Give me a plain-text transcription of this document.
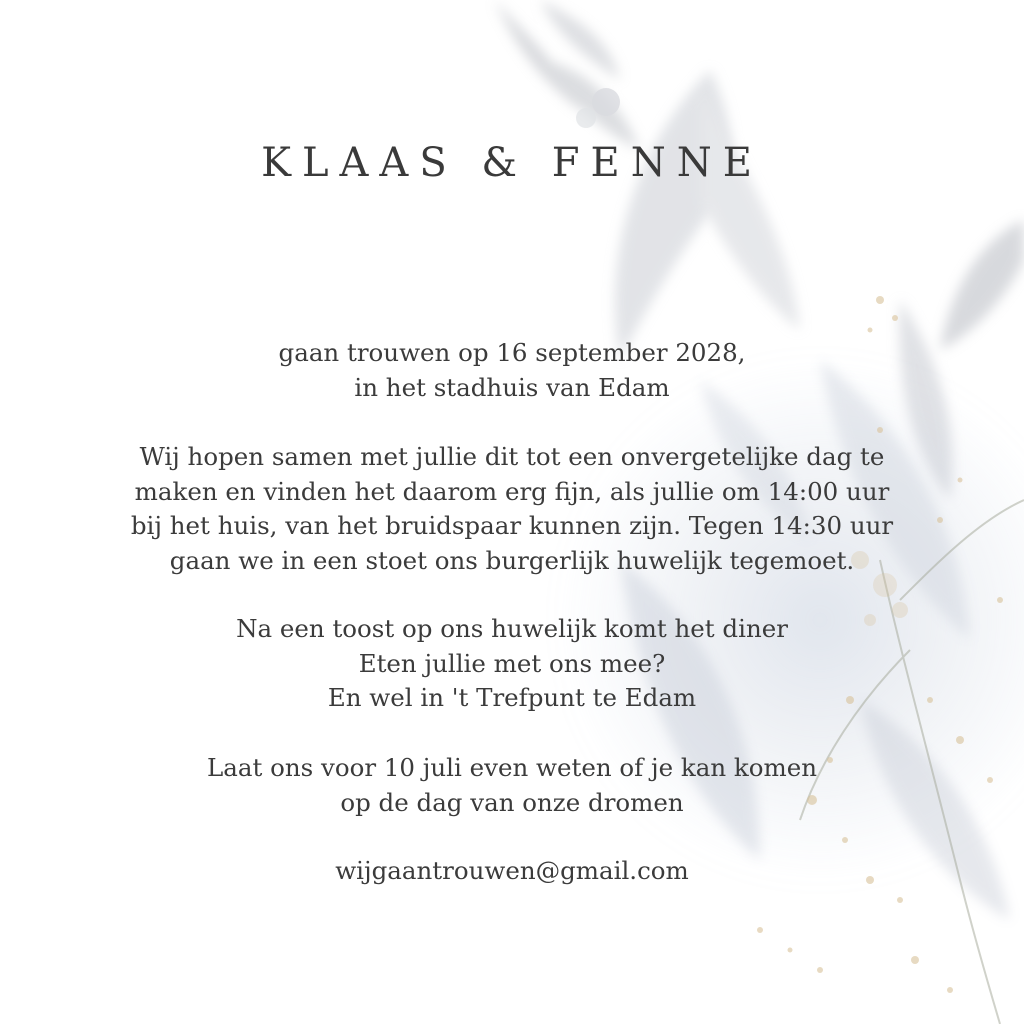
KLAAS & FENNE

gaan trouwen op 16 september 2028,
in het stadhuis van Edam

Wij hopen samen met jullie dit tot een onvergetelijke dag te
maken en vinden het daarom erg fijn, als jullie om 14:00 uur
bij het huis, van het bruidspaar kunnen zijn. Tegen 14:30 uur
gaan we in een stoet ons burgerlijk huwelijk tegemoet.

Na een toost op ons huwelijk komt het diner
Eten jullie met ons mee?
En wel in 't Trefpunt te Edam

Laat ons voor 10 juli even weten of je kan komen
op de dag van onze dromen

wijgaantrouwen@gmail.com
